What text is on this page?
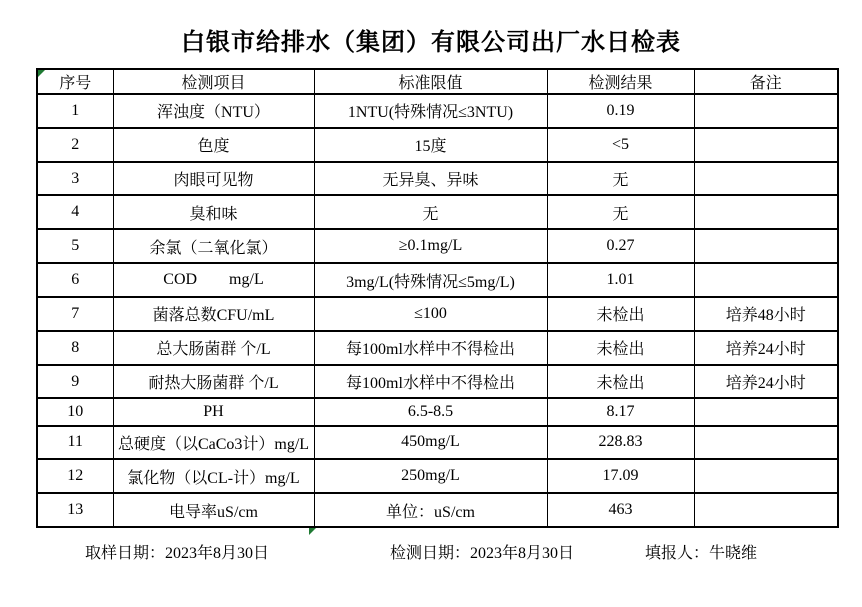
白银市给排水（集团）有限公司出厂水日检表
序号	检测项目	标准限值	检测结果	备注
1	浑浊度（NTU）	1NTU(特殊情况≤3NTU)	0.19	
2	色度	15度	<5	
3	肉眼可见物	无异臭、异味	无	
4	臭和味	无	无	
5	余氯（二氧化氯）	≥0.1mg/L	0.27	
6	COD        mg/L	3mg/L(特殊情况≤5mg/L)	1.01	
7	菌落总数CFU/mL	≤100	未检出	培养48小时
8	总大肠菌群 个/L	每100ml水样中不得检出	未检出	培养24小时
9	耐热大肠菌群 个/L	每100ml水样中不得检出	未检出	培养24小时
10	PH	6.5-8.5	8.17	
11	总硬度（以CaCo3计）mg/L	450mg/L	228.83	
12	氯化物（以CL-计）mg/L	250mg/L	17.09	
13	电导率uS/cm	单位：uS/cm	463	
取样日期：2023年8月30日	检测日期：2023年8月30日	填报人：牛晓维
